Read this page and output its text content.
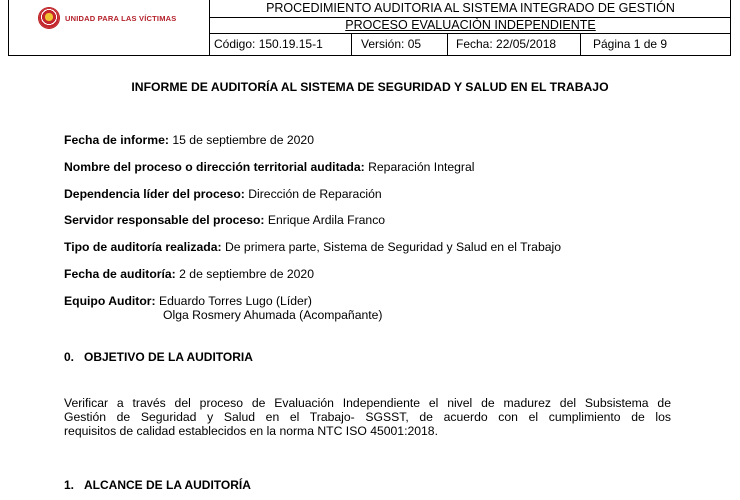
UNIDAD PARA LAS VÍCTIMAS
PROCEDIMIENTO AUDITORIA AL SISTEMA INTEGRADO DE GESTIÓN
PROCESO EVALUACIÒN INDEPENDIENTE
Código: 150.19.15-1	Versión: 05	Fecha: 22/05/2018	Página 1 de 9
INFORME DE AUDITORÍA AL SISTEMA DE SEGURIDAD Y SALUD EN EL TRABAJO
Fecha de informe: 15 de septiembre de 2020
Nombre del proceso o dirección territorial auditada: Reparación Integral
Dependencia líder del proceso: Dirección de Reparación
Servidor responsable del proceso: Enrique Ardila Franco
Tipo de auditoría realizada: De primera parte, Sistema de Seguridad y Salud en el Trabajo
Fecha de auditoría: 2 de septiembre de 2020
Equipo Auditor: Eduardo Torres Lugo (Líder)
Olga Rosmery Ahumada (Acompañante)
0. OBJETIVO DE LA AUDITORIA
Verificar a través del proceso de Evaluación Independiente el nivel de madurez del Subsistema de
Gestión de Seguridad y Salud en el Trabajo- SGSST, de acuerdo con el cumplimiento de los
requisitos de calidad establecidos en la norma NTC ISO 45001:2018.
1. ALCANCE DE LA AUDITORÍA
